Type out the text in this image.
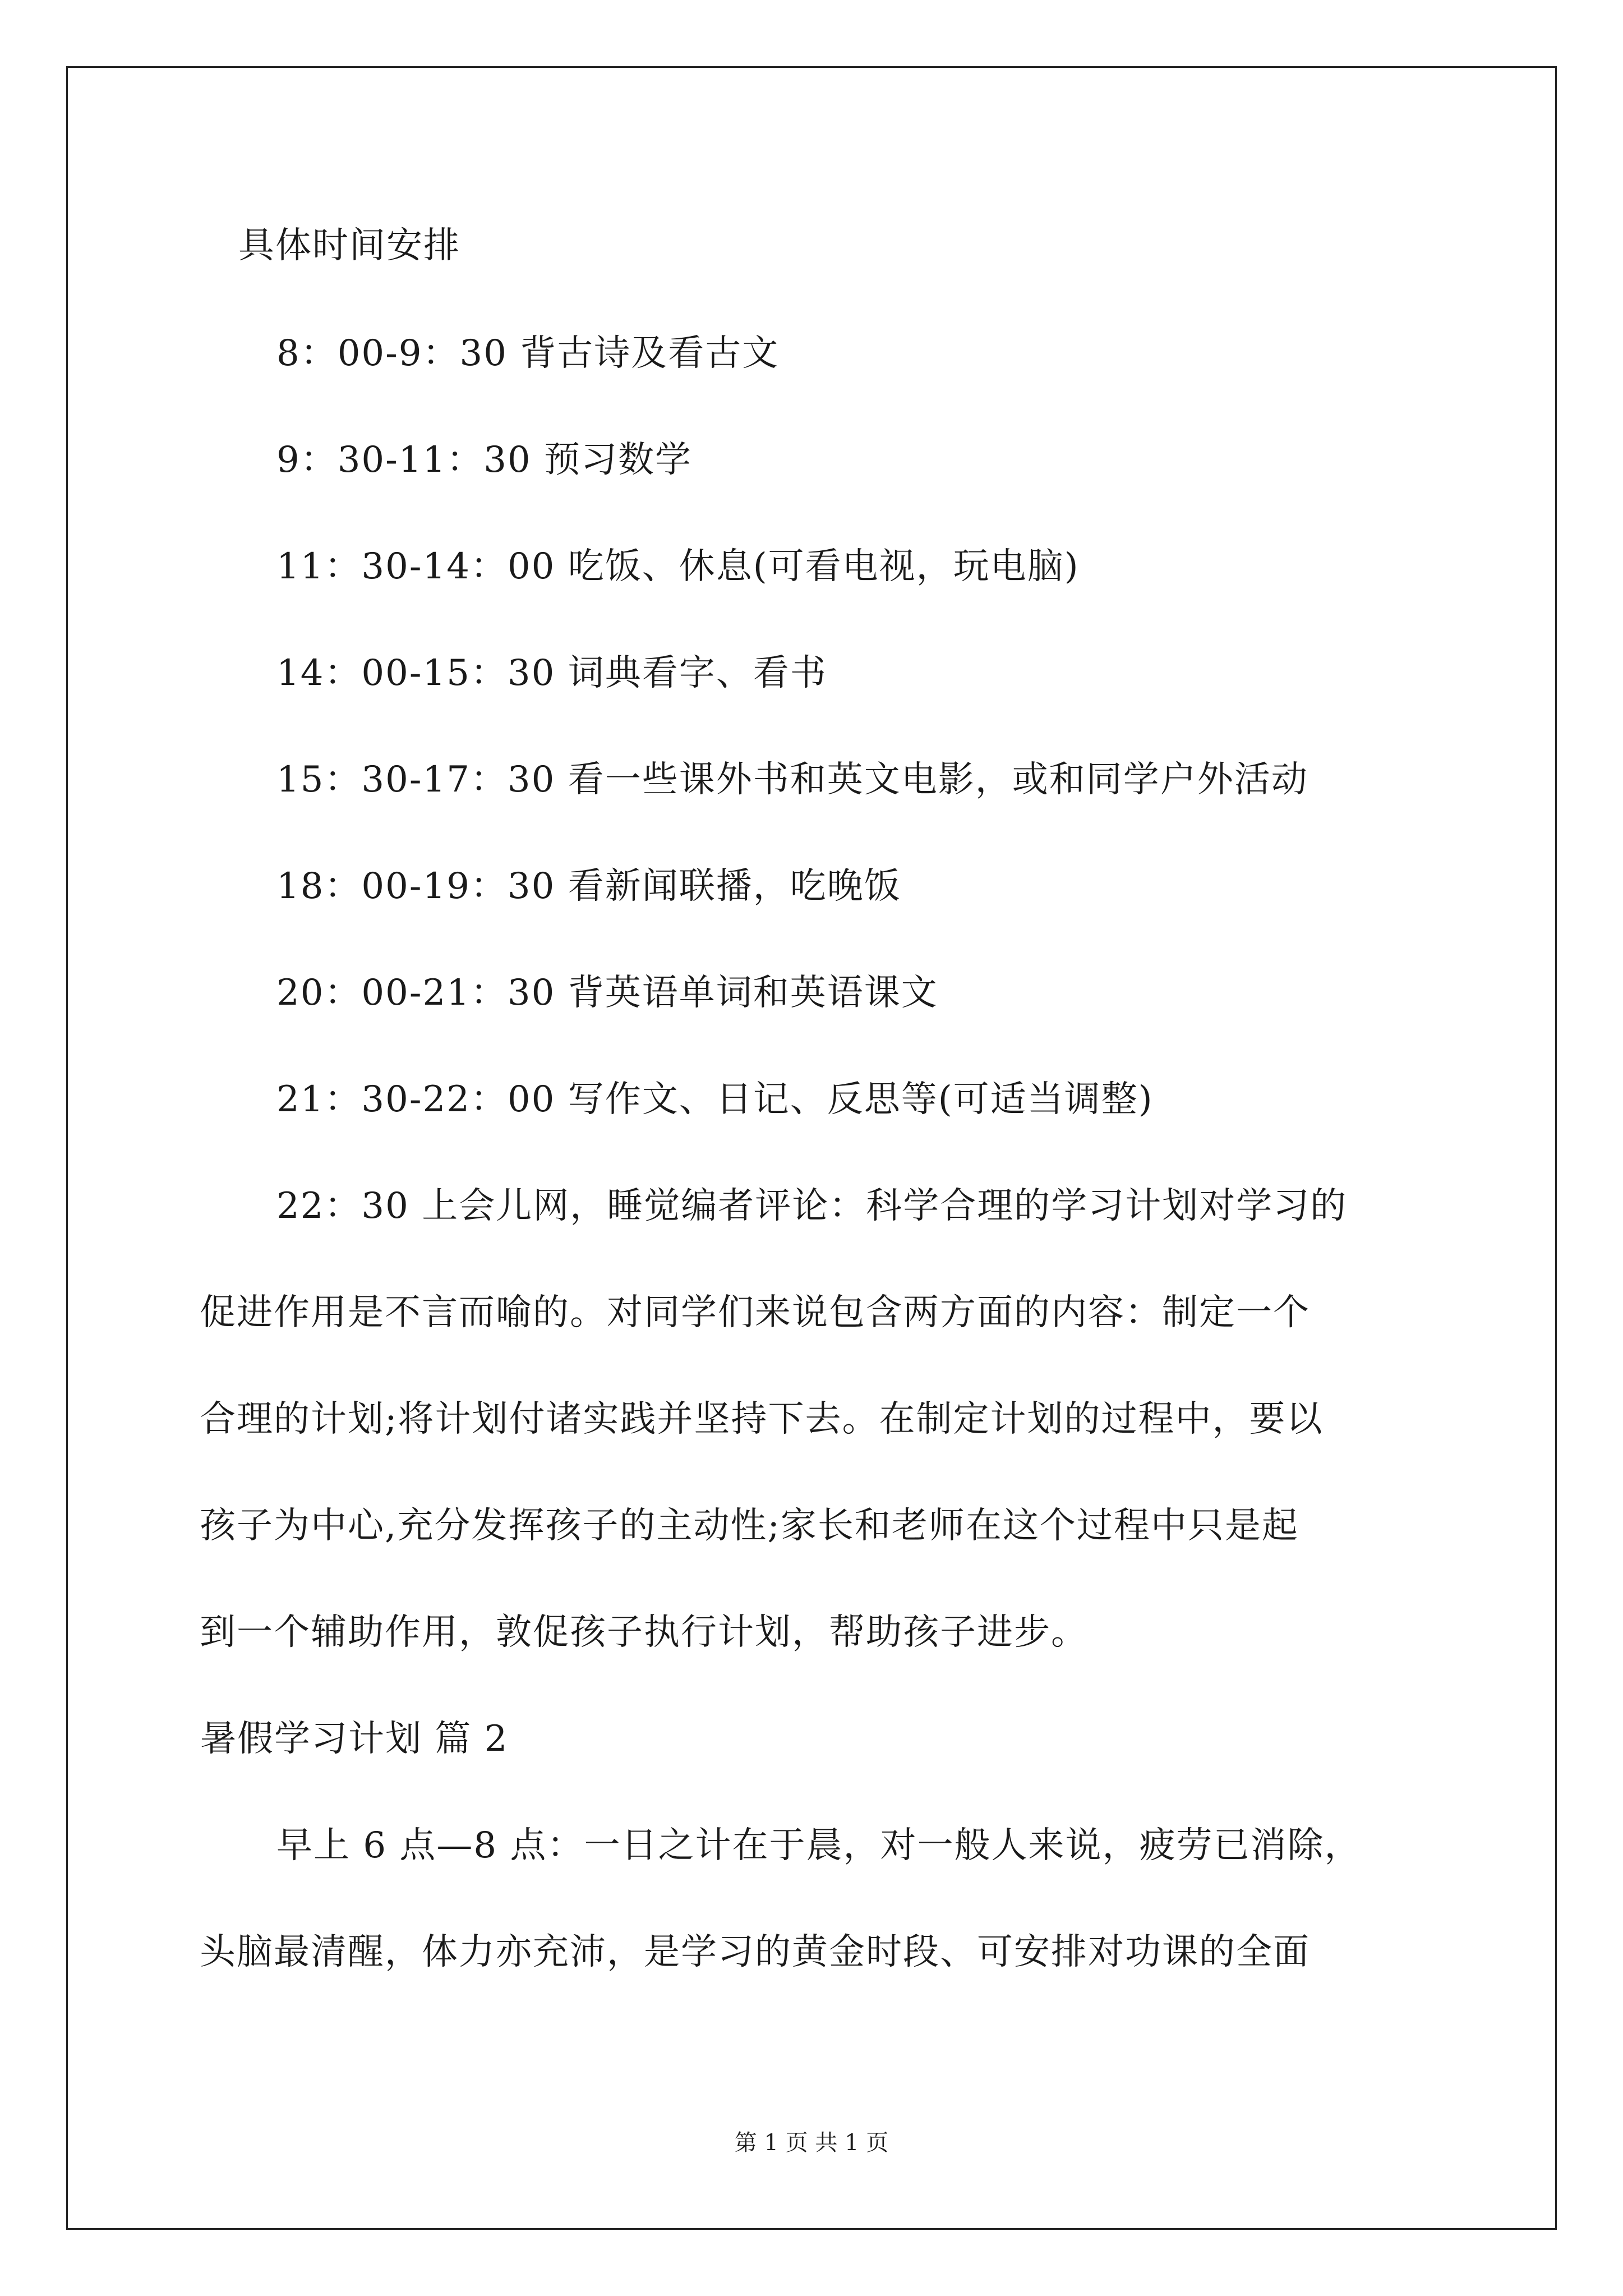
具体时间安排
8：00-9：30 背古诗及看古文
9：30-11：30 预习数学
11：30-14：00 吃饭、休息(可看电视，玩电脑)
14：00-15：30 词典看字、看书
15：30-17：30 看一些课外书和英文电影，或和同学户外活动
18：00-19：30 看新闻联播，吃晚饭
20：00-21：30 背英语单词和英语课文
21：30-22：00 写作文、日记、反思等(可适当调整)
22：30 上会儿网，睡觉编者评论：科学合理的学习计划对学习的
促进作用是不言而喻的。对同学们来说包含两方面的内容：制定一个
合理的计划;将计划付诸实践并坚持下去。在制定计划的过程中，要以
孩子为中心,充分发挥孩子的主动性;家长和老师在这个过程中只是起
到一个辅助作用，敦促孩子执行计划，帮助孩子进步。
暑假学习计划 篇 2
早上 6 点—8 点：一日之计在于晨，对一般人来说，疲劳已消除，
头脑最清醒，体力亦充沛，是学习的黄金时段、可安排对功课的全面
第 1 页 共 1 页
